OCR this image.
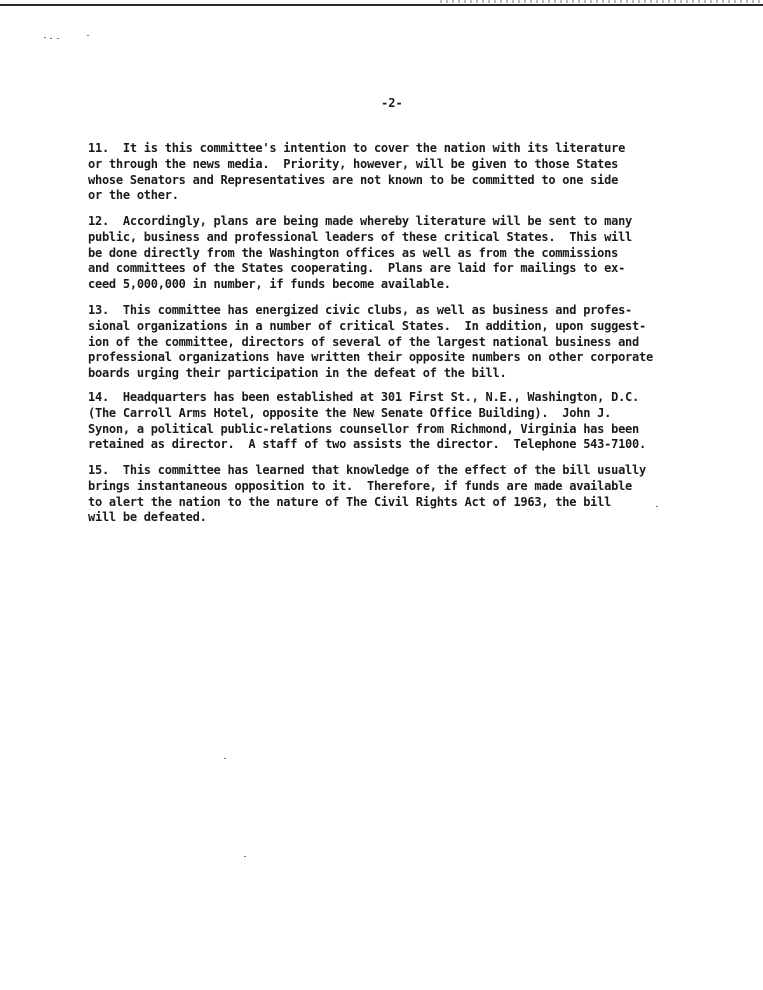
-2-

11.  It is this committee's intention to cover the nation with its literature
or through the news media.  Priority, however, will be given to those States
whose Senators and Representatives are not known to be committed to one side
or the other.

12.  Accordingly, plans are being made whereby literature will be sent to many
public, business and professional leaders of these critical States.  This will
be done directly from the Washington offices as well as from the commissions
and committees of the States cooperating.  Plans are laid for mailings to ex-
ceed 5,000,000 in number, if funds become available.

13.  This committee has energized civic clubs, as well as business and profes-
sional organizations in a number of critical States.  In addition, upon suggest-
ion of the committee, directors of several of the largest national business and
professional organizations have written their opposite numbers on other corporate
boards urging their participation in the defeat of the bill.

14.  Headquarters has been established at 301 First St., N.E., Washington, D.C.
(The Carroll Arms Hotel, opposite the New Senate Office Building).  John J.
Synon, a political public-relations counsellor from Richmond, Virginia has been
retained as director.  A staff of two assists the director.  Telephone 543-7100.

15.  This committee has learned that knowledge of the effect of the bill usually
brings instantaneous opposition to it.  Therefore, if funds are made available
to alert the nation to the nature of The Civil Rights Act of 1963, the bill
will be defeated.
